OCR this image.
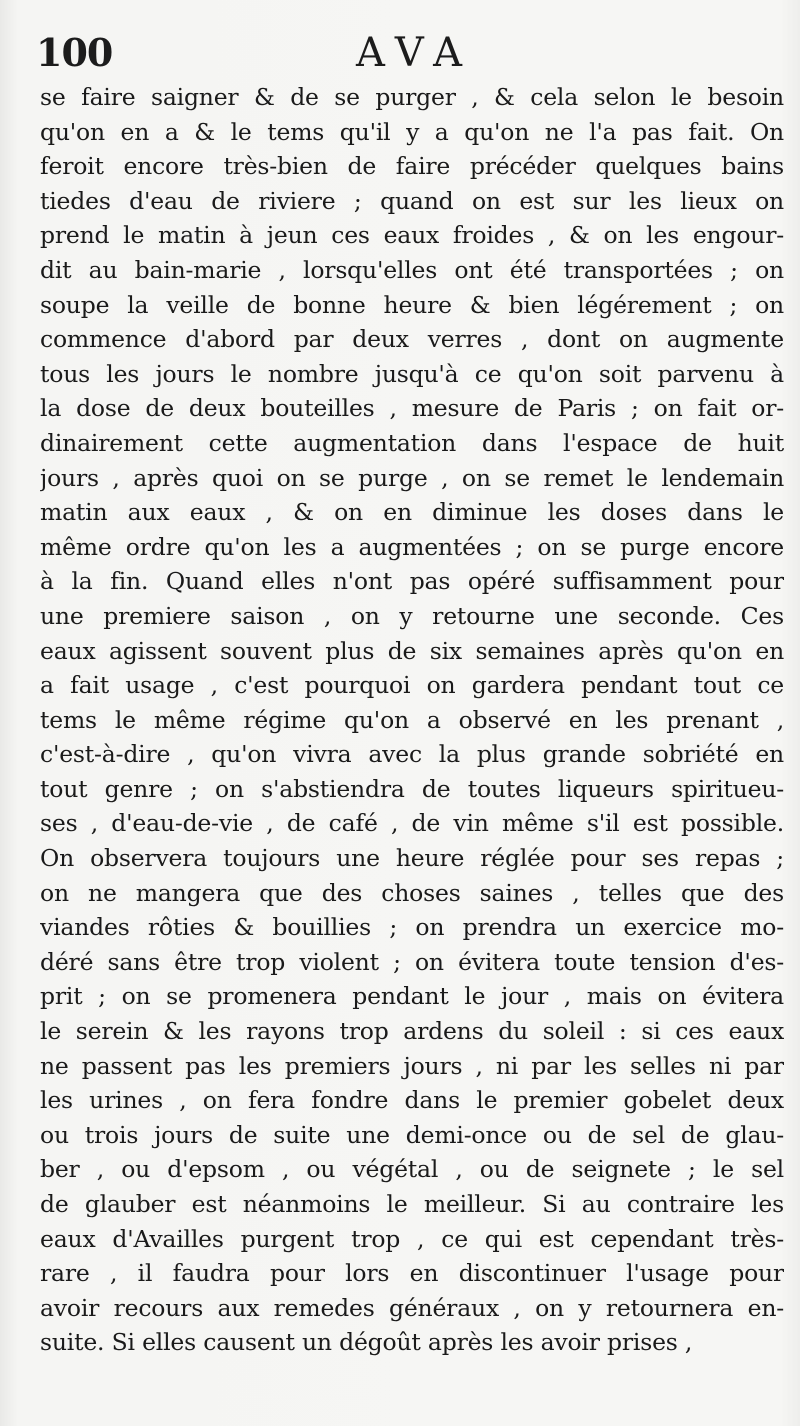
100	AVA
se faire saigner & de se purger , & cela selon le besoin
qu'on en a & le tems qu'il y a qu'on ne l'a pas fait. On
feroit encore très-bien de faire précéder quelques bains
tiedes d'eau de riviere ; quand on est sur les lieux on
prend le matin à jeun ces eaux froides , & on les engour-
dit au bain-marie , lorsqu'elles ont été transportées ; on
soupe la veille de bonne heure & bien légérement ; on
commence d'abord par deux verres , dont on augmente
tous les jours le nombre jusqu'à ce qu'on soit parvenu à
la dose de deux bouteilles , mesure de Paris ; on fait or-
dinairement cette augmentation dans l'espace de huit
jours , après quoi on se purge , on se remet le lendemain
matin aux eaux , & on en diminue les doses dans le
même ordre qu'on les a augmentées ; on se purge encore
à la fin. Quand elles n'ont pas opéré suffisamment pour
une premiere saison , on y retourne une seconde. Ces
eaux agissent souvent plus de six semaines après qu'on en
a fait usage , c'est pourquoi on gardera pendant tout ce
tems le même régime qu'on a observé en les prenant ,
c'est-à-dire , qu'on vivra avec la plus grande sobriété en
tout genre ; on s'abstiendra de toutes liqueurs spiritueu-
ses , d'eau-de-vie , de café , de vin même s'il est possible.
On observera toujours une heure réglée pour ses repas ;
on ne mangera que des choses saines , telles que des
viandes rôties & bouillies ; on prendra un exercice mo-
déré sans être trop violent ; on évitera toute tension d'es-
prit ; on se promenera pendant le jour , mais on évitera
le serein & les rayons trop ardens du soleil : si ces eaux
ne passent pas les premiers jours , ni par les selles ni par
les urines , on fera fondre dans le premier gobelet deux
ou trois jours de suite une demi-once ou de sel de glau-
ber , ou d'epsom , ou végétal , ou de seignete ; le sel
de glauber est néanmoins le meilleur. Si au contraire les
eaux d'Availles purgent trop , ce qui est cependant très-
rare , il faudra pour lors en discontinuer l'usage pour
avoir recours aux remedes généraux , on y retournera en-
suite. Si elles causent un dégoût après les avoir prises ,
